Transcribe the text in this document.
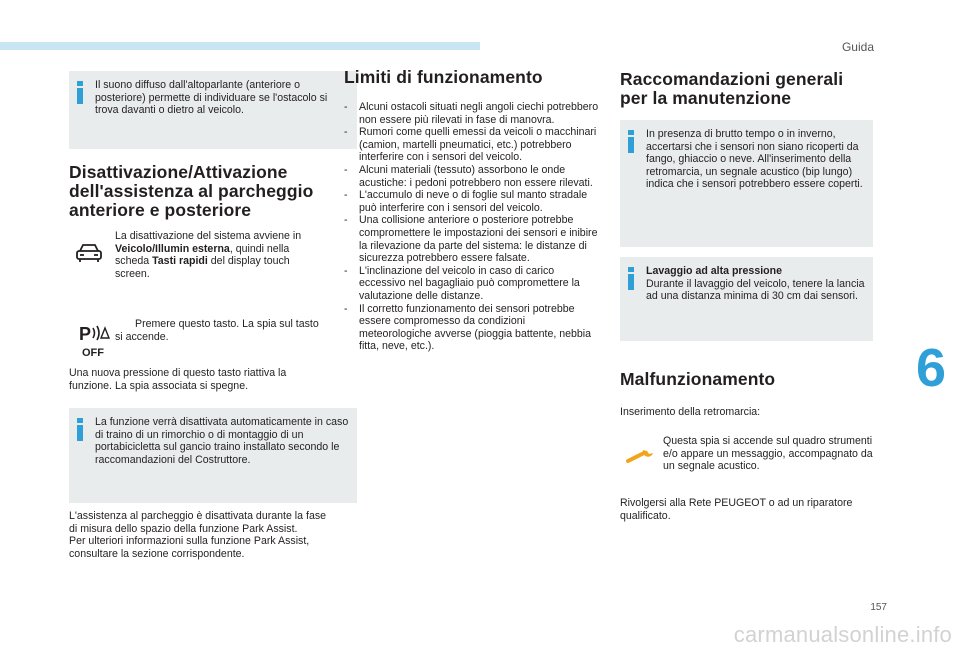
Guida
Il suono diffuso dall'altoparlante (anteriore o posteriore) permette di individuare se l'ostacolo si trova davanti o dietro al veicolo.
Disattivazione/Attivazione
dell'assistenza al parcheggio
anteriore e posteriore
La disattivazione del sistema avviene in Veicolo/Illumin esterna, quindi nella scheda Tasti rapidi del display touch screen.
P
OFF
Premere questo tasto. La spia sul tasto si accende.
Una nuova pressione di questo tasto riattiva la funzione. La spia associata si spegne.
La funzione verrà disattivata automaticamente in caso di traino di un rimorchio o di montaggio di un portabicicletta sul gancio traino installato secondo le raccomandazioni del Costruttore.
L'assistenza al parcheggio è disattivata durante la fase di misura dello spazio della funzione Park Assist.
Per ulteriori informazioni sulla funzione Park Assist, consultare la sezione corrispondente.
Limiti di funzionamento
- Alcuni ostacoli situati negli angoli ciechi potrebbero non essere più rilevati in fase di manovra.
- Rumori come quelli emessi da veicoli o macchinari (camion, martelli pneumatici, etc.) potrebbero interferire con i sensori del veicolo.
- Alcuni materiali (tessuto) assorbono le onde acustiche: i pedoni potrebbero non essere rilevati.
- L'accumulo di neve o di foglie sul manto stradale può interferire con i sensori del veicolo.
- Una collisione anteriore o posteriore potrebbe compromettere le impostazioni dei sensori e inibire la rilevazione da parte del sistema: le distanze di sicurezza potrebbero essere falsate.
- L'inclinazione del veicolo in caso di carico eccessivo nel bagagliaio può compromettere la valutazione delle distanze.
- Il corretto funzionamento dei sensori potrebbe essere compromesso da condizioni meteorologiche avverse (pioggia battente, nebbia fitta, neve, etc.).
Raccomandazioni generali
per la manutenzione
In presenza di brutto tempo o in inverno, accertarsi che i sensori non siano ricoperti da fango, ghiaccio o neve. All'inserimento della retromarcia, un segnale acustico (bip lungo) indica che i sensori potrebbero essere coperti.
Lavaggio ad alta pressione
Durante il lavaggio del veicolo, tenere la lancia ad una distanza minima di 30 cm dai sensori.
Malfunzionamento
Inserimento della retromarcia:
Questa spia si accende sul quadro strumenti e/o appare un messaggio, accompagnato da un segnale acustico.
Rivolgersi alla Rete PEUGEOT o ad un riparatore qualificato.
6
157
carmanualsonline.info
